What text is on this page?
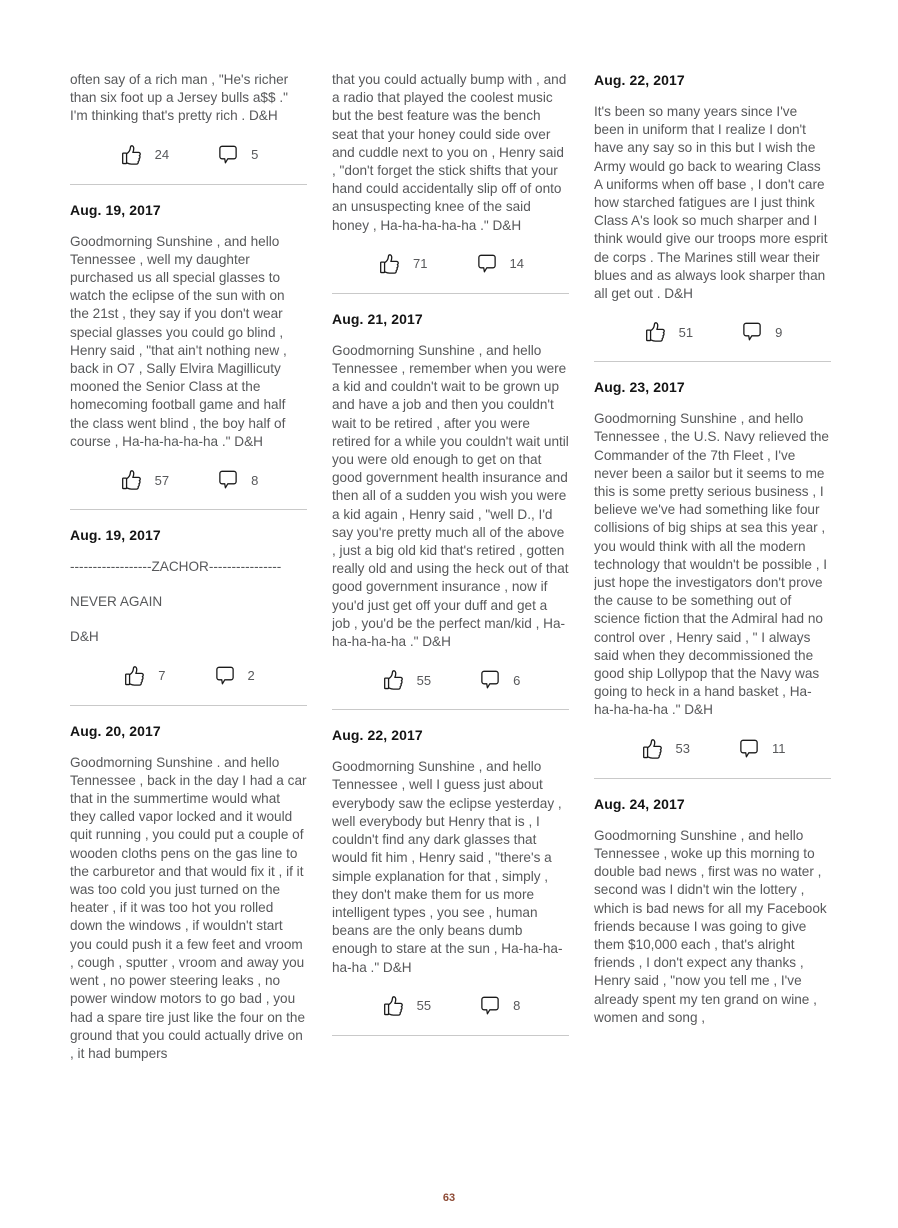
often say of a rich man , "He's richer than six foot up a Jersey bulls a$$ ." I'm thinking that's pretty rich . D&H

24	5
Aug. 19, 2017

Goodmorning Sunshine , and hello Tennessee , well my daughter purchased us all special glasses to watch the eclipse of the sun with on the 21st , they say if you don't wear special glasses you could go blind , Henry said , "that ain't nothing new , back in O7 , Sally Elvira Magillicuty mooned the Senior Class at the homecoming football game and half the class went blind , the boy half of course , Ha-ha-ha-ha-ha ." D&H

57	8
Aug. 19, 2017

------------------ZACHOR----------------

NEVER AGAIN

D&H

7	2
Aug. 20, 2017

Goodmorning Sunshine . and hello Tennessee , back in the day I had a car that in the summertime would what they called vapor locked and it would quit running , you could put a couple of wooden cloths pens on the gas line to the carburetor and that would fix it , if it was too cold you just turned on the heater , if it was too hot you rolled down the windows , if wouldn't start you could push it a few feet and vroom , cough , sputter , vroom and away you went , no power steering leaks , no power window motors to go bad , you had a spare tire just like the four on the ground that you could actually drive on , it had bumpers

that you could actually bump with , and a radio that played the coolest music but the best feature was the bench seat that your honey could side over and cuddle next to you on , Henry said , "don't forget the stick shifts that your hand could accidentally slip off of onto an unsuspecting knee of the said honey , Ha-ha-ha-ha-ha ." D&H

71	14
Aug. 21, 2017

Goodmorning Sunshine , and hello Tennessee , remember when you were a kid and couldn't wait to be grown up and have a job and then you couldn't wait to be retired , after you were retired for a while you couldn't wait until you were old enough to get on that good government health insurance and then all of a sudden you wish you were a kid again , Henry said , "well D., I'd say you're pretty much all of the above , just a big old kid that's retired , gotten really old and using the heck out of that good government insurance , now if you'd just get off your duff and get a job , you'd be the perfect man/kid , Ha-ha-ha-ha-ha ." D&H

55	6
Aug. 22, 2017

Goodmorning Sunshine , and hello Tennessee , well I guess just about everybody saw the eclipse yesterday , well everybody but Henry that is , I couldn't find any dark glasses that would fit him , Henry said , "there's a simple explanation for that , simply , they don't make them for us more intelligent types , you see , human beans are the only beans dumb enough to stare at the sun , Ha-ha-ha-ha-ha ." D&H

55	8
Aug. 22, 2017

It's been so many years since I've been in uniform that I realize I don't have any say so in this but I wish the Army would go back to wearing Class A uniforms when off base , I don't care how starched fatigues are I just think Class A's look so much sharper and I think would give our troops more esprit de corps . The Marines still wear their blues and as always look sharper than all get out . D&H

51	9
Aug. 23, 2017

Goodmorning Sunshine , and hello Tennessee , the U.S. Navy relieved the Commander of the 7th Fleet , I've never been a sailor but it seems to me this is some pretty serious business , I believe we've had something like four collisions of big ships at sea this year , you would think with all the modern technology that wouldn't be possible , I just hope the investigators don't prove the cause to be something out of science fiction that the Admiral had no control over , Henry said , " I always said when they decommissioned the good ship Lollypop that the Navy was going to heck in a hand basket , Ha-ha-ha-ha-ha ." D&H

53	11
Aug. 24, 2017

Goodmorning Sunshine , and hello Tennessee , woke up this morning to double bad news , first was no water , second was I didn't win the lottery , which is bad news for all my Facebook friends because I was going to give them $10,000 each , that's alright friends , I don't expect any thanks , Henry said , "now you tell me , I've already spent my ten grand on wine , women and song ,

63
